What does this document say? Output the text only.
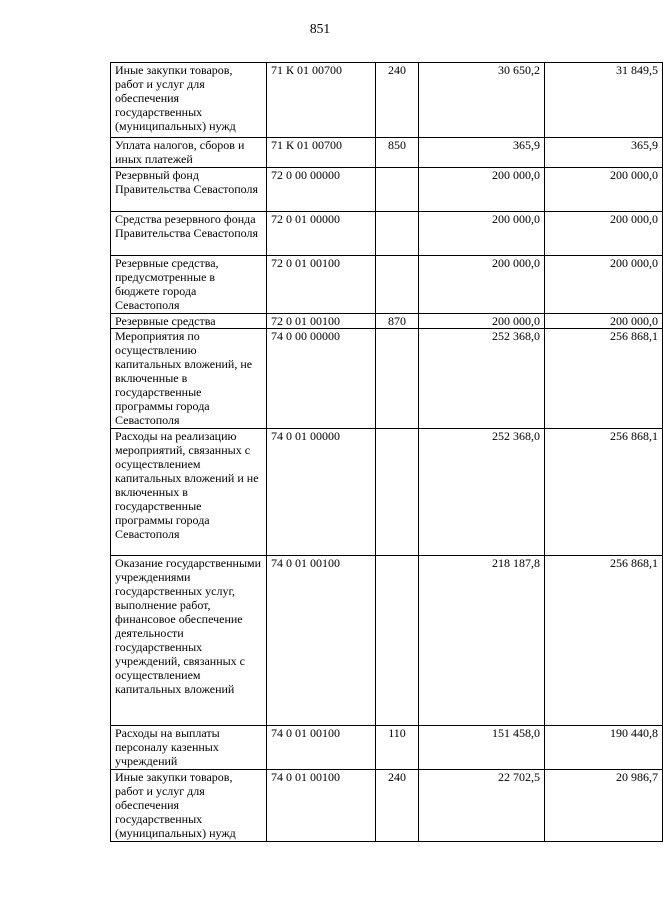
851
Иные закупки товаров, работ и услуг для обеспечения государственных (муниципальных) нужд	71 К 01 00700	240	30 650,2	31 849,5
Уплата налогов, сборов и иных платежей	71 К 01 00700	850	365,9	365,9
Резервный фонд Правительства Севастополя	72 0 00 00000		200 000,0	200 000,0
Средства резервного фонда Правительства Севастополя	72 0 01 00000		200 000,0	200 000,0
Резервные средства, предусмотренные в бюджете города Севастополя	72 0 01 00100		200 000,0	200 000,0
Резервные средства	72 0 01 00100	870	200 000,0	200 000,0
Мероприятия по осуществлению капитальных вложений, не включенные в государственные программы города Севастополя	74 0 00 00000		252 368,0	256 868,1
Расходы на реализацию мероприятий, связанных с осуществлением капитальных вложений и не включенных в государственные программы города Севастополя	74 0 01 00000		252 368,0	256 868,1
Оказание государственными учреждениями государственных услуг, выполнение работ, финансовое обеспечение деятельности государственных учреждений, связанных с осуществлением капитальных вложений	74 0 01 00100		218 187,8	256 868,1
Расходы на выплаты персоналу казенных учреждений	74 0 01 00100	110	151 458,0	190 440,8
Иные закупки товаров, работ и услуг для обеспечения государственных (муниципальных) нужд	74 0 01 00100	240	22 702,5	20 986,7
